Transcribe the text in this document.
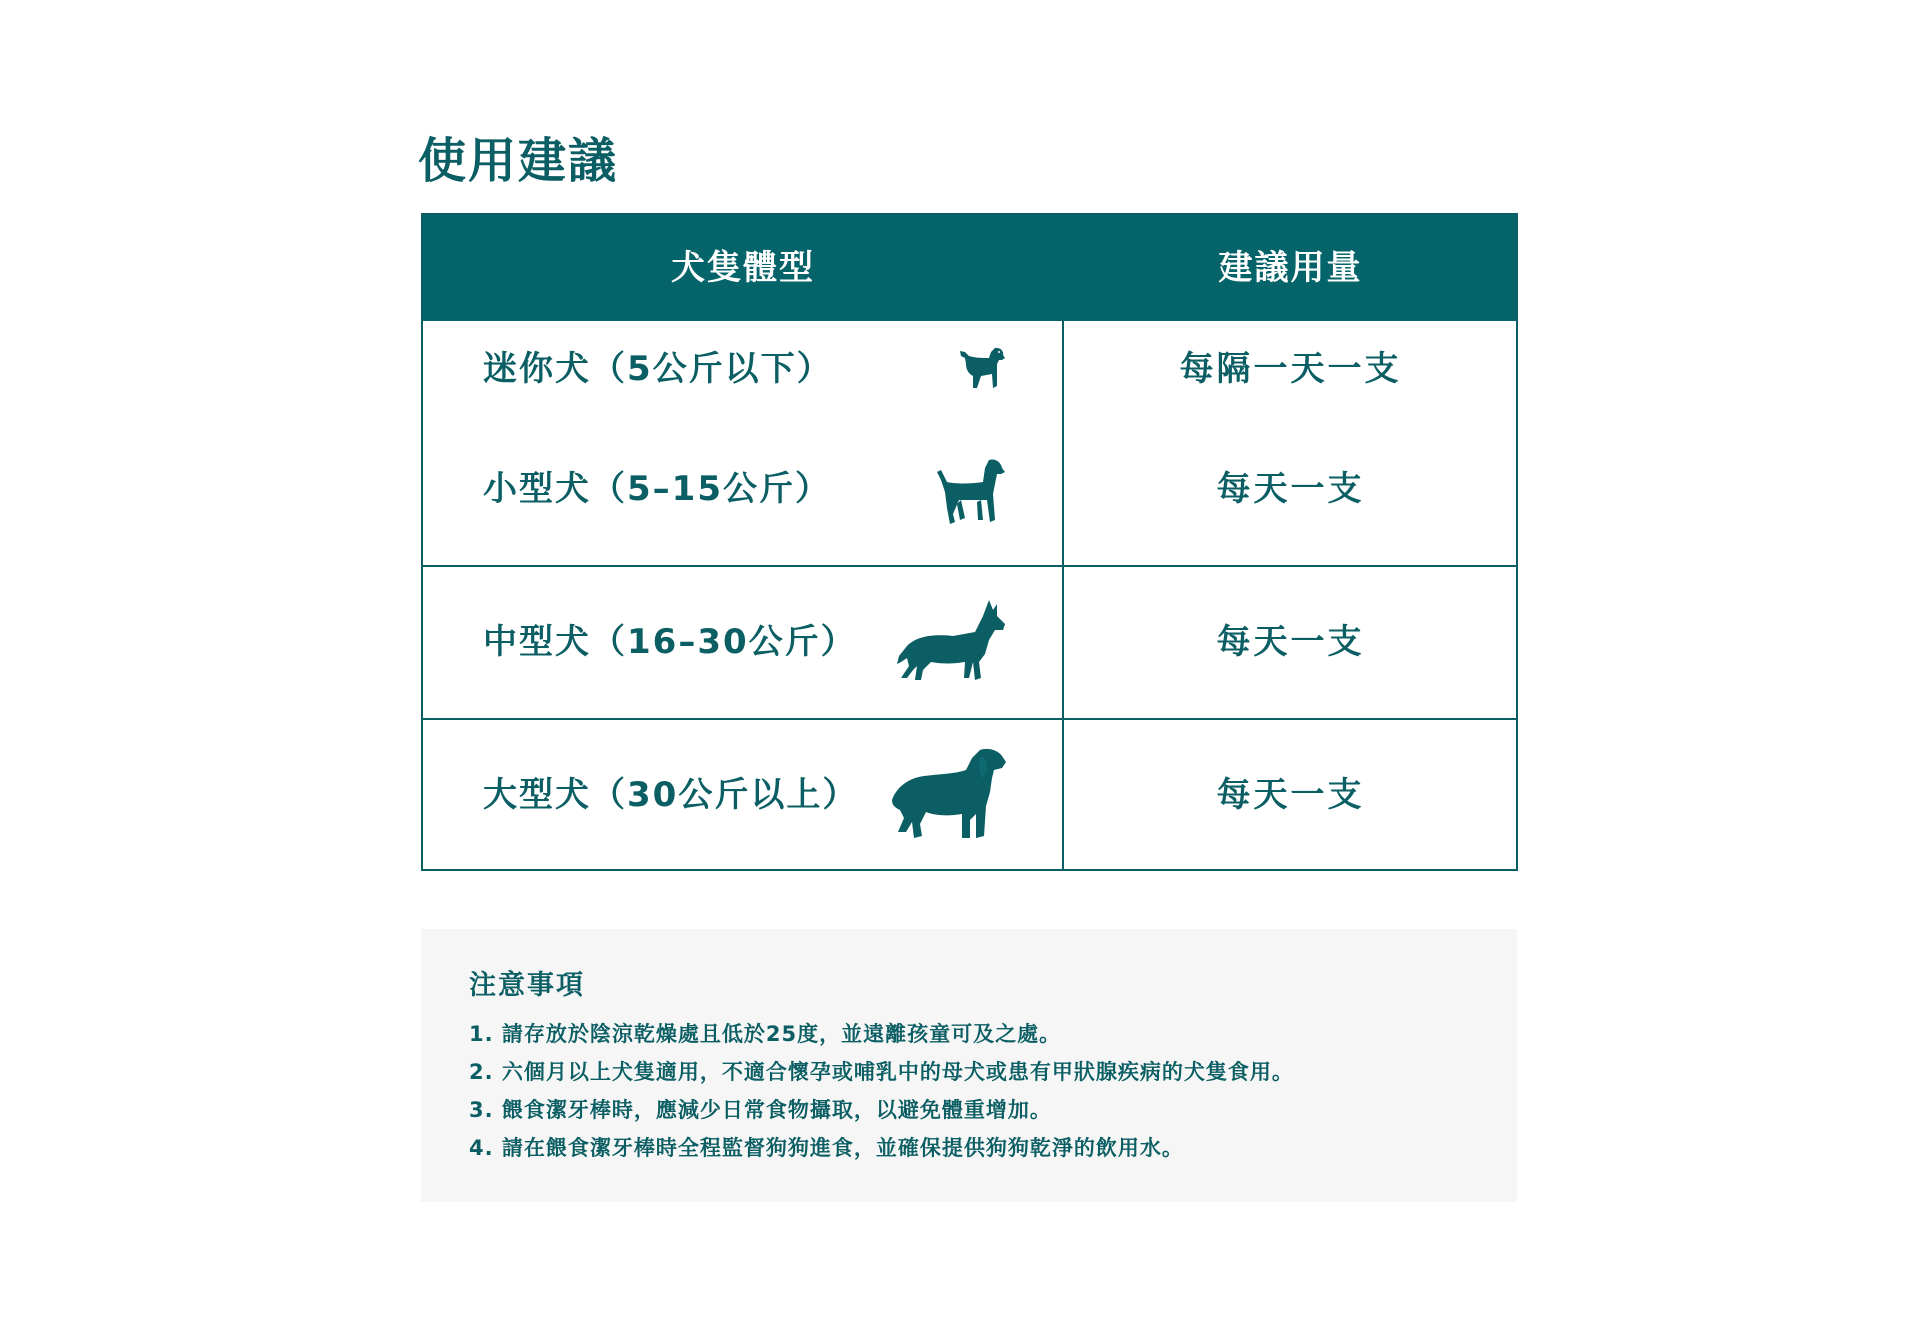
使用建議
犬隻體型	建議用量
迷你犬（5公斤以下）	每隔一天一支
小型犬（5–15公斤）	每天一支
中型犬（16–30公斤）	每天一支
大型犬（30公斤以上）	每天一支
注意事項
1. 請存放於陰涼乾燥處且低於25度，並遠離孩童可及之處。
2. 六個月以上犬隻適用，不適合懷孕或哺乳中的母犬或患有甲狀腺疾病的犬隻食用。
3. 餵食潔牙棒時，應減少日常食物攝取，以避免體重增加。
4. 請在餵食潔牙棒時全程監督狗狗進食，並確保提供狗狗乾淨的飲用水。
